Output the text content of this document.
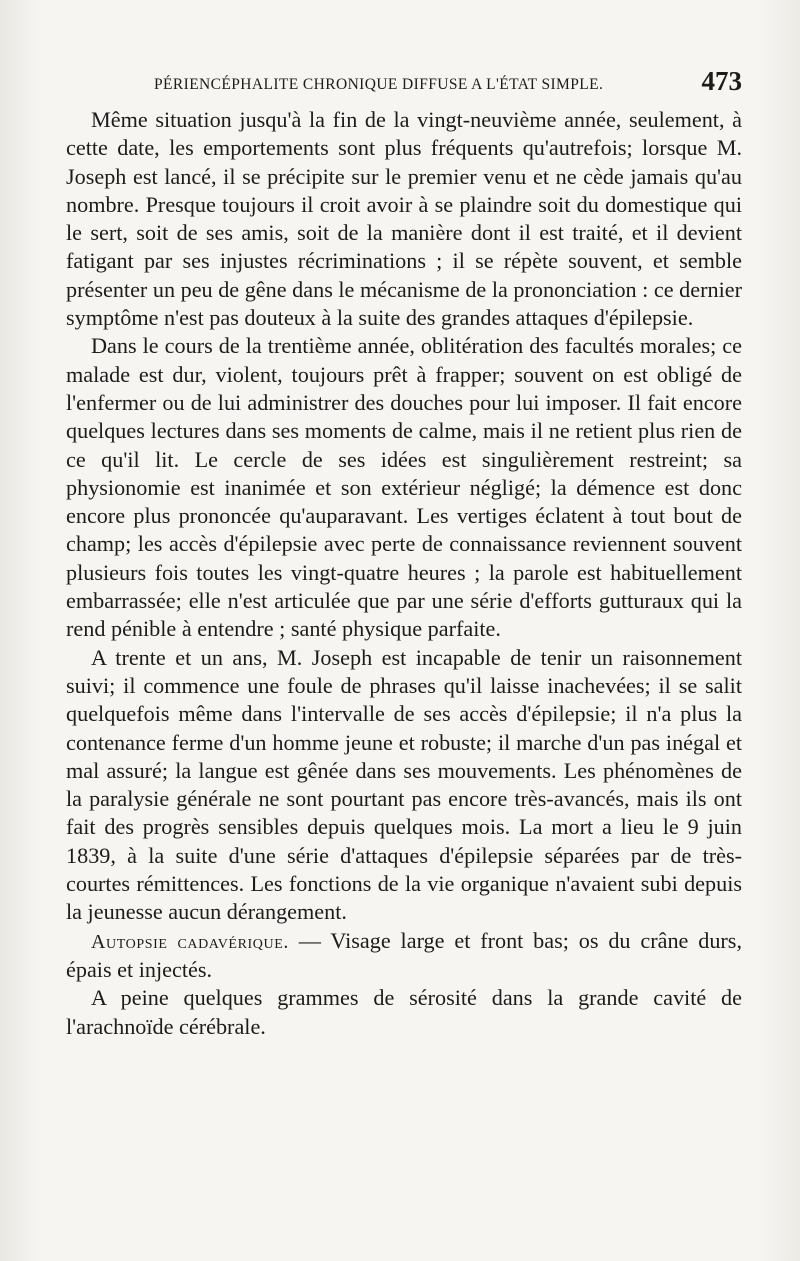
PÉRIENCÉPHALITE CHRONIQUE DIFFUSE A L'ÉTAT SIMPLE.	473

Même situation jusqu'à la fin de la vingt-neuvième année, seulement, à cette date, les emportements sont plus fréquents qu'autrefois; lorsque M. Joseph est lancé, il se précipite sur le premier venu et ne cède jamais qu'au nombre. Presque toujours il croit avoir à se plaindre soit du domestique qui le sert, soit de ses amis, soit de la manière dont il est traité, et il devient fatigant par ses injustes récriminations ; il se répète souvent, et semble présenter un peu de gêne dans le mécanisme de la prononciation : ce dernier symptôme n'est pas douteux à la suite des grandes attaques d'épilepsie.

Dans le cours de la trentième année, oblitération des facultés morales; ce malade est dur, violent, toujours prêt à frapper; souvent on est obligé de l'enfermer ou de lui administrer des douches pour lui imposer. Il fait encore quelques lectures dans ses moments de calme, mais il ne retient plus rien de ce qu'il lit. Le cercle de ses idées est singulièrement restreint; sa physionomie est inanimée et son extérieur négligé; la démence est donc encore plus prononcée qu'auparavant. Les vertiges éclatent à tout bout de champ; les accès d'épilepsie avec perte de connaissance reviennent souvent plusieurs fois toutes les vingt-quatre heures ; la parole est habituellement embarrassée; elle n'est articulée que par une série d'efforts gutturaux qui la rend pénible à entendre ; santé physique parfaite.

A trente et un ans, M. Joseph est incapable de tenir un raisonnement suivi; il commence une foule de phrases qu'il laisse inachevées; il se salit quelquefois même dans l'intervalle de ses accès d'épilepsie; il n'a plus la contenance ferme d'un homme jeune et robuste; il marche d'un pas inégal et mal assuré; la langue est gênée dans ses mouvements. Les phénomènes de la paralysie générale ne sont pourtant pas encore très-avancés, mais ils ont fait des progrès sensibles depuis quelques mois. La mort a lieu le 9 juin 1839, à la suite d'une série d'attaques d'épilepsie séparées par de très-courtes rémittences. Les fonctions de la vie organique n'avaient subi depuis la jeunesse aucun dérangement.

Autopsie cadavérique. — Visage large et front bas; os du crâne durs, épais et injectés.

A peine quelques grammes de sérosité dans la grande cavité de l'arachnoïde cérébrale.
